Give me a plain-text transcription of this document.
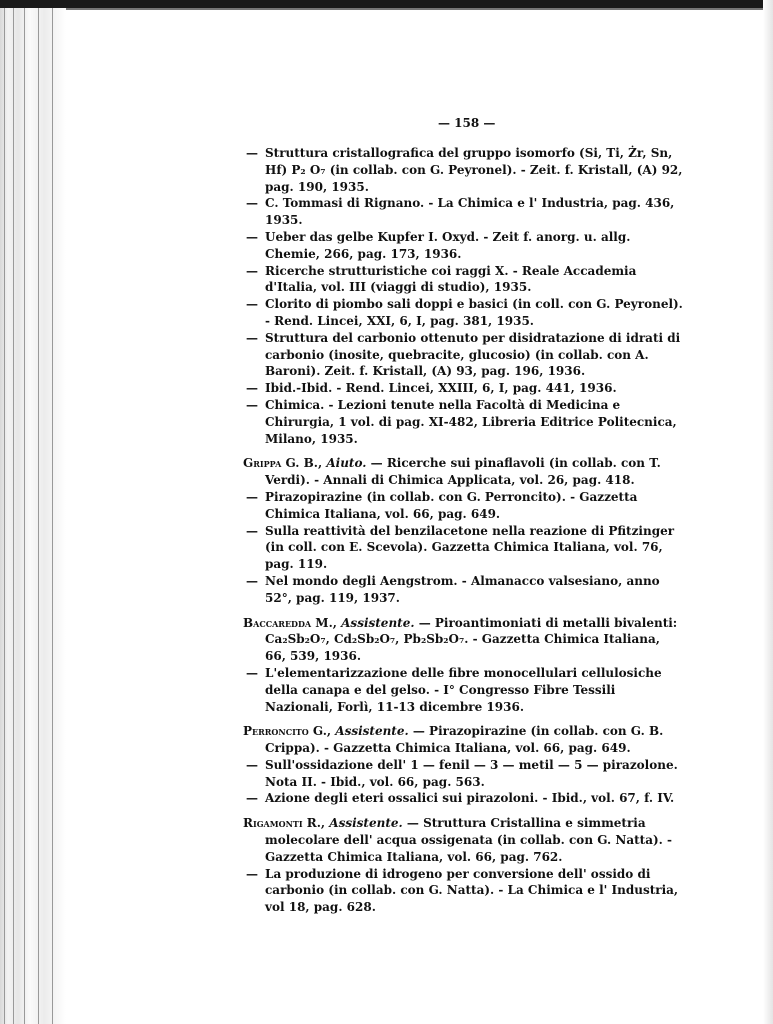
— 158 —
— Struttura cristallografica del gruppo isomorfo (Si, Ti, Żr, Sn, Hf) P₂ O₇ (in collab. con G. Peyronel). - Zeit. f. Kristall, (A) 92, pag. 190, 1935.
— C. Tommasi di Rignano. - La Chimica e l' Industria, pag. 436, 1935.
— Ueber das gelbe Kupfer I. Oxyd. - Zeit f. anorg. u. allg. Chemie, 266, pag. 173, 1936.
— Ricerche strutturistiche coi raggi X. - Reale Accademia d'Italia, vol. III (viaggi di studio), 1935.
— Clorito di piombo sali doppi e basici (in coll. con G. Peyronel). - Rend. Lincei, XXI, 6, I, pag. 381, 1935.
— Struttura del carbonio ottenuto per disidratazione di idrati di carbonio (inosite, quebracite, glucosio) (in collab. con A. Baroni). Zeit. f. Kristall, (A) 93, pag. 196, 1936.
— Ibid.-Ibid. - Rend. Lincei, XXIII, 6, I, pag. 441, 1936.
— Chimica. - Lezioni tenute nella Facoltà di Medicina e Chirurgia, 1 vol. di pag. XI-482, Libreria Editrice Politecnica, Milano, 1935.
Grippa G. B., Aiuto. — Ricerche sui pinaflavoli (in collab. con T. Verdi). - Annali di Chimica Applicata, vol. 26, pag. 418.
— Pirazopirazine (in collab. con G. Perroncito). - Gazzetta Chimica Italiana, vol. 66, pag. 649.
— Sulla reattività del benzilacetone nella reazione di Pfitzinger (in coll. con E. Scevola). Gazzetta Chimica Italiana, vol. 76, pag. 119.
— Nel mondo degli Aengstrom. - Almanacco valsesiano, anno 52°, pag. 119, 1937.
Baccaredda M., Assistente. — Piroantimoniati di metalli bivalenti: Ca₂Sb₂O₇, Cd₂Sb₂O₇, Pb₂Sb₂O₇. - Gazzetta Chimica Italiana, 66, 539, 1936.
— L'elementarizzazione delle fibre monocellulari cellulosiche della canapa e del gelso. - I° Congresso Fibre Tessili Nazionali, Forlì, 11-13 dicembre 1936.
Perroncito G., Assistente. — Pirazopirazine (in collab. con G. B. Crippa). - Gazzetta Chimica Italiana, vol. 66, pag. 649.
— Sull'ossidazione dell' 1 — fenil — 3 — metil — 5 — pirazolone. Nota II. - Ibid., vol. 66, pag. 563.
— Azione degli eteri ossalici sui pirazoloni. - Ibid., vol. 67, f. IV.
Rigamonti R., Assistente. — Struttura Cristallina e simmetria molecolare dell' acqua ossigenata (in collab. con G. Natta). - Gazzetta Chimica Italiana, vol. 66, pag. 762.
— La produzione di idrogeno per conversione dell' ossido di carbonio (in collab. con G. Natta). - La Chimica e l' Industria, vol 18, pag. 628.
